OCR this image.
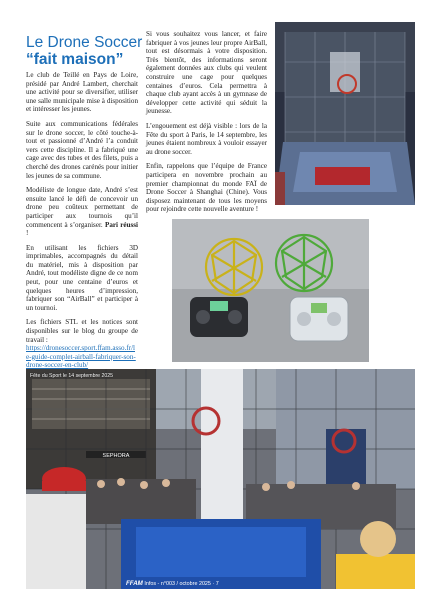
Le Drone Soccer
“fait maison”

Le club de Teillé en Pays de Loire, présidé par André Lambert, cherchait une activité pour se diversifier, utiliser une salle municipale mise à disposition et intéresser les jeunes.

Suite aux communications fédérales sur le drone soccer, le côté touche-à-tout et passionné d’André l’a conduit vers cette discipline. Il a fabriqué une cage avec des tubes et des filets, puis a cherché des drones carénés pour initier les jeunes de sa commune.

Modéliste de longue date, André s’est ensuite lancé le défi de concevoir un drone peu coûteux permettant de participer aux tournois qu’il commencent à s’organiser. Pari réussi !

En utilisant les fichiers 3D imprimables, accompagnés du détail du matériel, mis à disposition par André, tout modéliste digne de ce nom peut, pour une centaine d’euros et quelques heures d’impression, fabriquer son “AirBall” et participer à un tournoi.

Les fichiers STL et les notices sont disponibles sur le blog du groupe de travail :

https://dronesoccer.sport.ffam.asso.fr/le-guide-complet-airball-fabriquer-son-drone-soccer-en-club/

Si vous souhaitez vous lancer, et faire fabriquer à vos jeunes leur propre AirBall, tout est désormais à votre disposition. Très bientôt, des informations seront également données aux clubs qui veulent construire une cage pour quelques centaines d’euros. Cela permettra à chaque club ayant accès à un gymnase de développer cette activité qui séduit la jeunesse.

L’engouement est déjà visible : lors de la Fête du sport à Paris, le 14 septembre, les jeunes étaient nombreux à vouloir essayer au drone soccer.

Enfin, rappelons que l’équipe de France participera en novembre prochain au premier championnat du monde FAÏ de Drone Soccer à Shanghai (Chine). Vous disposez maintenant de tous les moyens pour rejoindre cette nouvelle aventure !

SEPHORA
Fête du Sport le 14 septembre 2025
FFAM Infos - n°003 / octobre 2025 · 7
